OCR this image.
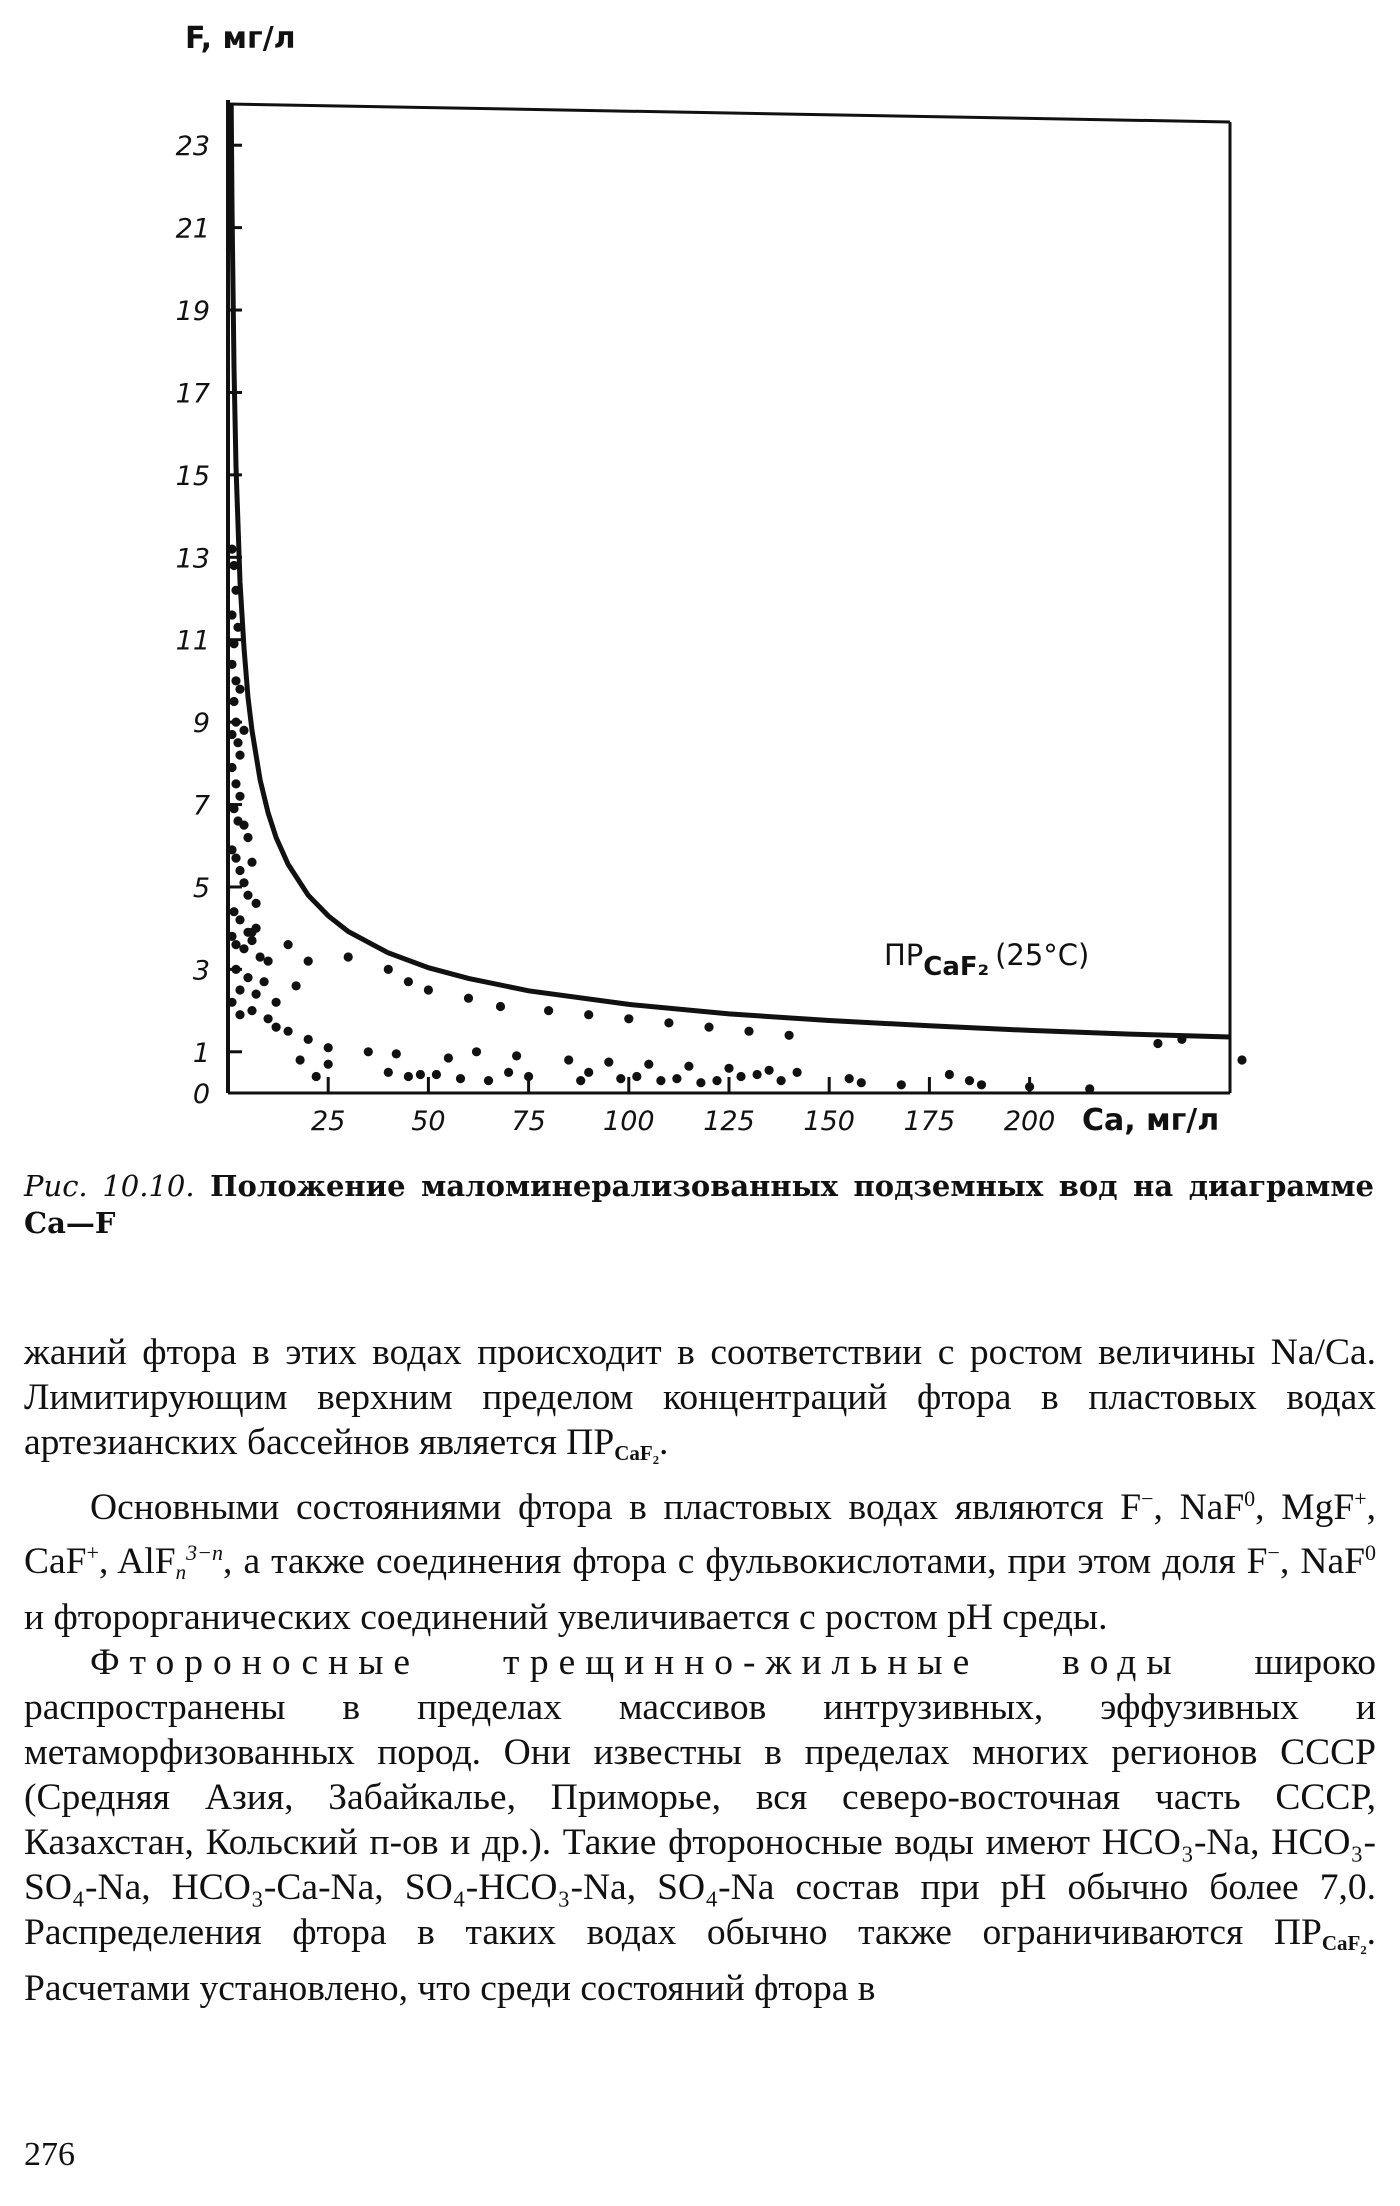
0
1
3
5
7
9
11
13
15
17
19
21
23
25 50 75 100 125 150 175 200
F, мг/л
Ca, мг/л
ПРCaF₂ (25°C)
Рис. 10.10. Положение маломинерализованных подземных вод на диаграмме Ca—F

жаний фтора в этих водах происходит в соответствии с ростом величины Na/Ca. Лимитирующим верхним пределом концентраций фтора в пластовых водах артезианских бассейнов является $ПР_{CaF_2}$.

Основными состояниями фтора в пластовых водах являются F−, NaF$^0$, MgF+, CaF+, AlF$_n^{3-n}$, а также соединения фтора с фульвокислотами, при этом доля F−, NaF$^0$ и фторорганических соединений увеличивается с ростом pH среды.

Фтороносные трещинно-жильные воды широко распространены в пределах массивов интрузивных, эффузивных и метаморфизованных пород. Они известны в пределах многих регионов СССР (Средняя Азия, Забайкалье, Приморье, вся северо-восточная часть СССР, Казахстан, Кольский п-ов и др.). Такие фтороносные воды имеют HCO₃-Na, HCO₃-SO₄-Na, HCO₃-Ca-Na, SO₄-HCO₃-Na, SO₄-Na состав при pH обычно более 7,0. Распределения фтора в таких водах обычно также ограничиваются $ПР_{CaF_2}$. Расчетами установлено, что среди состояний фтора в

276
